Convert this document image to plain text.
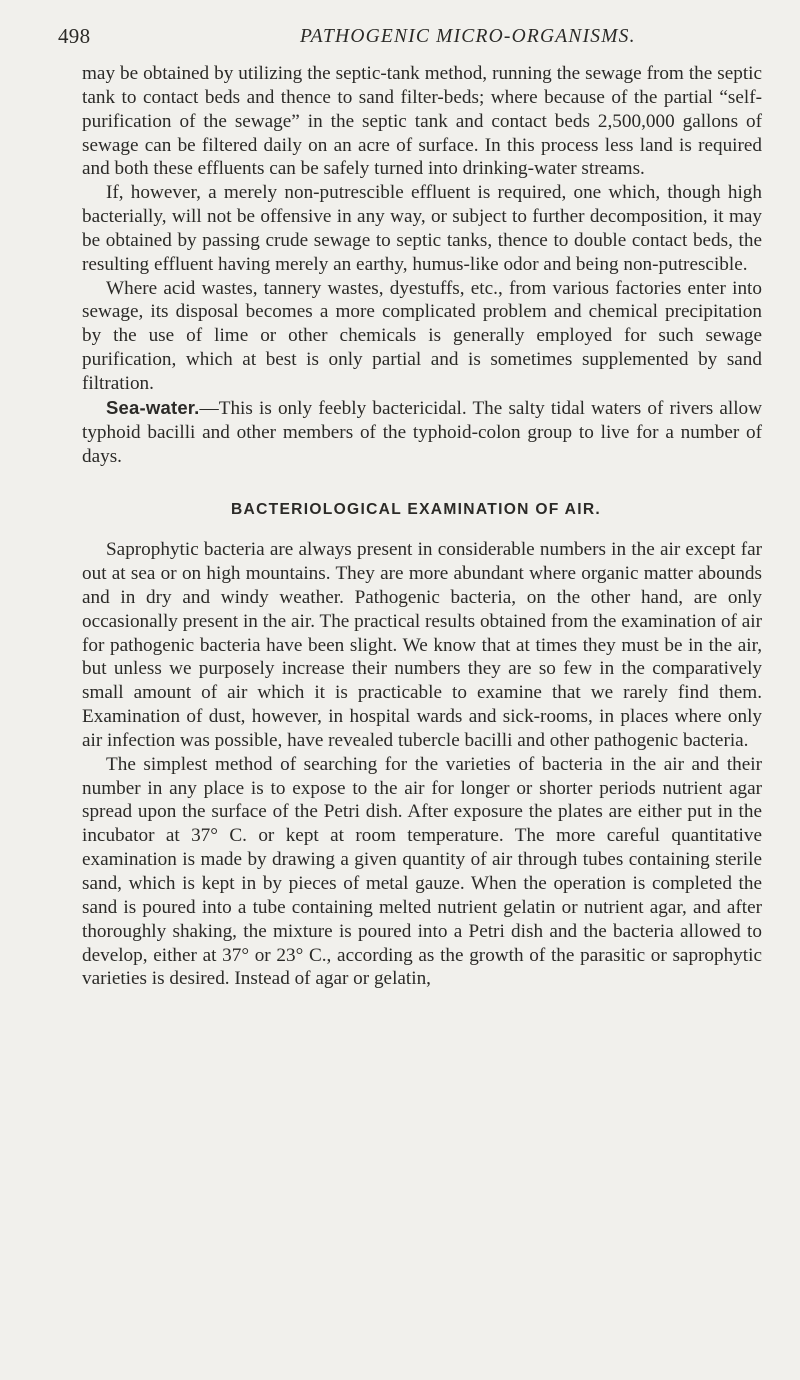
498	PATHOGENIC MICRO-ORGANISMS.

may be obtained by utilizing the septic-tank method, running the sewage from the septic tank to contact beds and thence to sand filter-beds; where because of the partial “self-purification of the sewage” in the septic tank and contact beds 2,500,000 gallons of sewage can be filtered daily on an acre of surface. In this process less land is required and both these effluents can be safely turned into drinking-water streams.

If, however, a merely non-putrescible effluent is required, one which, though high bacterially, will not be offensive in any way, or subject to further decomposition, it may be obtained by passing crude sewage to septic tanks, thence to double contact beds, the resulting effluent having merely an earthy, humus-like odor and being non-putrescible.

Where acid wastes, tannery wastes, dyestuffs, etc., from various factories enter into sewage, its disposal becomes a more complicated problem and chemical precipitation by the use of lime or other chemicals is generally employed for such sewage purification, which at best is only partial and is sometimes supplemented by sand filtration.

Sea-water.—This is only feebly bactericidal. The salty tidal waters of rivers allow typhoid bacilli and other members of the typhoid-colon group to live for a number of days.

BACTERIOLOGICAL EXAMINATION OF AIR.

Saprophytic bacteria are always present in considerable numbers in the air except far out at sea or on high mountains. They are more abundant where organic matter abounds and in dry and windy weather. Pathogenic bacteria, on the other hand, are only occasionally present in the air. The practical results obtained from the examination of air for pathogenic bacteria have been slight. We know that at times they must be in the air, but unless we purposely increase their numbers they are so few in the comparatively small amount of air which it is practicable to examine that we rarely find them. Examination of dust, however, in hospital wards and sick-rooms, in places where only air infection was possible, have revealed tubercle bacilli and other pathogenic bacteria.

The simplest method of searching for the varieties of bacteria in the air and their number in any place is to expose to the air for longer or shorter periods nutrient agar spread upon the surface of the Petri dish. After exposure the plates are either put in the incubator at 37° C. or kept at room temperature. The more careful quantitative examination is made by drawing a given quantity of air through tubes containing sterile sand, which is kept in by pieces of metal gauze. When the operation is completed the sand is poured into a tube containing melted nutrient gelatin or nutrient agar, and after thoroughly shaking, the mixture is poured into a Petri dish and the bacteria allowed to develop, either at 37° or 23° C., according as the growth of the parasitic or saprophytic varieties is desired. Instead of agar or gelatin,
